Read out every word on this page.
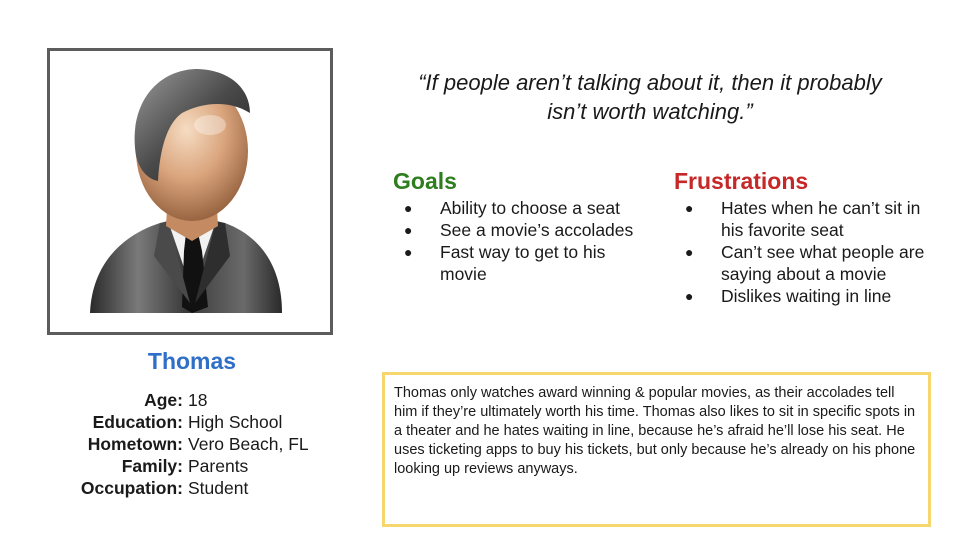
Thomas
Age: 18
Education: High School
Hometown: Vero Beach, FL
Family: Parents
Occupation: Student
“If people aren’t talking about it, then it probably isn’t worth watching.”
Goals
● Ability to choose a seat
● See a movie’s accolades
● Fast way to get to his movie
Frustrations
● Hates when he can’t sit in his favorite seat
● Can’t see what people are saying about a movie
● Dislikes waiting in line
Thomas only watches award winning & popular movies, as their accolades tell him if they’re ultimately worth his time. Thomas also likes to sit in specific spots in a theater and he hates waiting in line, because he’s afraid he’ll lose his seat. He uses ticketing apps to buy his tickets, but only because he’s already on his phone looking up reviews anyways.
